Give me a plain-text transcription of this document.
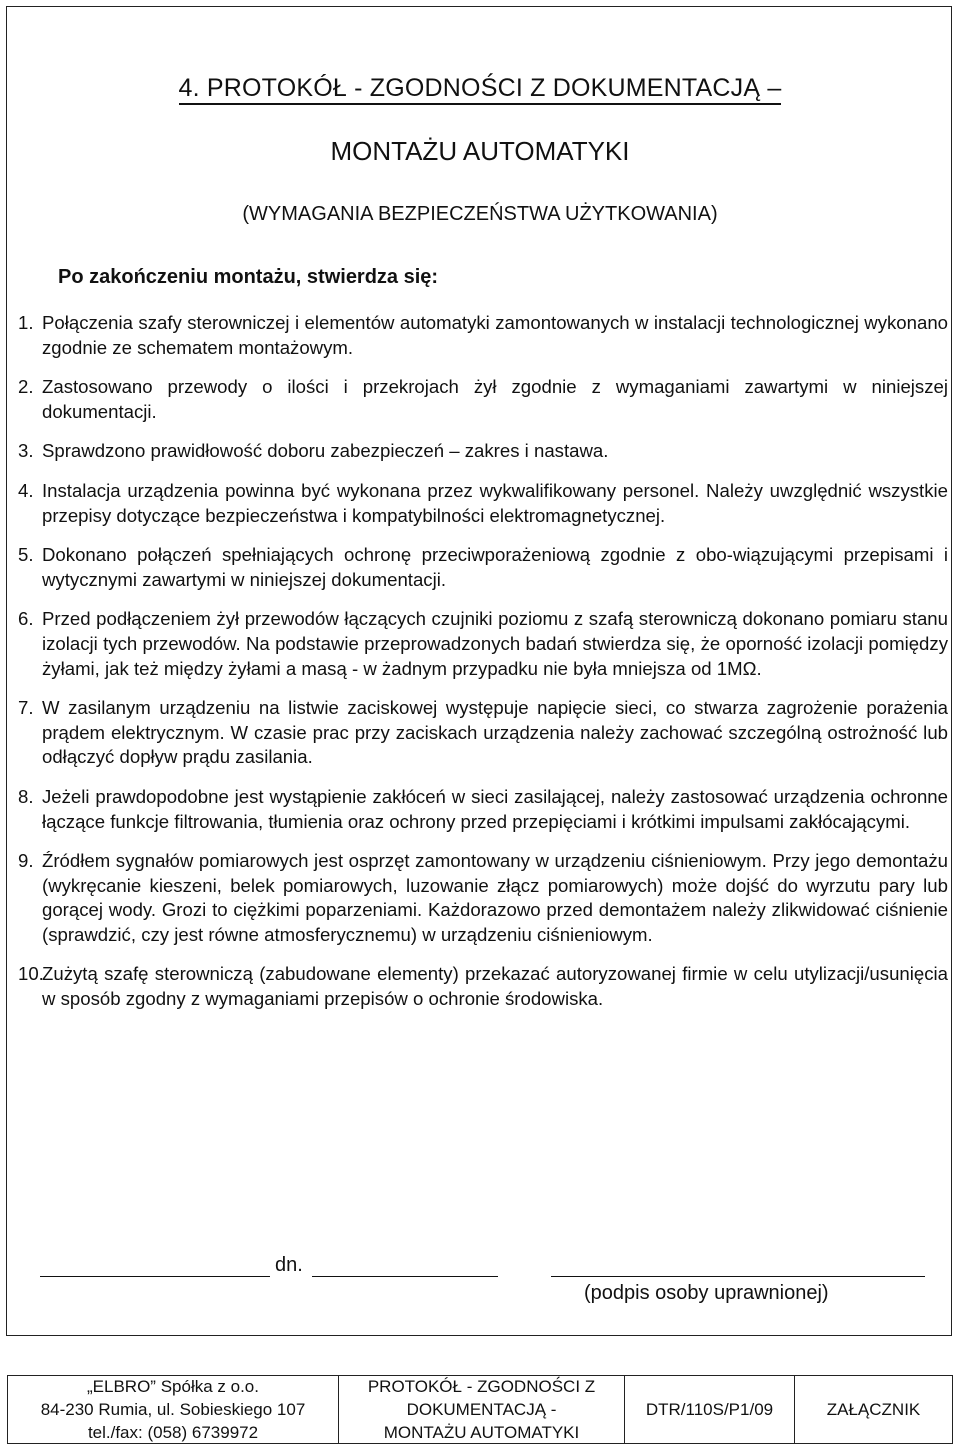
4. PROTOKÓŁ - ZGODNOŚCI Z DOKUMENTACJĄ –
MONTAŻU AUTOMATYKI
(WYMAGANIA BEZPIECZEŃSTWA UŻYTKOWANIA)
Po zakończeniu montażu, stwierdza się:
1. Połączenia szafy sterowniczej i elementów automatyki zamontowanych w instalacji technologicznej wykonano zgodnie ze schematem montażowym.
2. Zastosowano przewody o ilości i przekrojach żył zgodnie z wymaganiami zawartymi w niniejszej dokumentacji.
3. Sprawdzono prawidłowość doboru zabezpieczeń – zakres i nastawa.
4. Instalacja urządzenia powinna być wykonana przez wykwalifikowany personel. Należy uwzględnić wszystkie przepisy dotyczące bezpieczeństwa i kompatybilności elektromagnetycznej.
5. Dokonano połączeń spełniających ochronę przeciwporażeniową zgodnie z obo-wiązującymi przepisami i wytycznymi zawartymi w niniejszej dokumentacji.
6. Przed podłączeniem żył przewodów łączących czujniki poziomu z szafą sterowniczą dokonano pomiaru stanu izolacji tych przewodów. Na podstawie przeprowadzonych badań stwierdza się, że oporność izolacji pomiędzy żyłami, jak też między żyłami a masą - w żadnym przypadku nie była mniejsza od 1MΩ.
7. W zasilanym urządzeniu na listwie zaciskowej występuje napięcie sieci, co stwarza zagrożenie porażenia prądem elektrycznym. W czasie prac przy zaciskach urządzenia należy zachować szczególną ostrożność lub odłączyć dopływ prądu zasilania.
8. Jeżeli prawdopodobne jest wystąpienie zakłóceń w sieci zasilającej, należy zastosować urządzenia ochronne łączące funkcje filtrowania, tłumienia oraz ochrony przed przepięciami i krótkimi impulsami zakłócającymi.
9. Źródłem sygnałów pomiarowych jest osprzęt zamontowany w urządzeniu ciśnieniowym. Przy jego demontażu (wykręcanie kieszeni, belek pomiarowych, luzowanie złącz pomiarowych) może dojść do wyrzutu pary lub gorącej wody. Grozi to ciężkimi poparzeniami. Każdorazowo przed demontażem należy zlikwidować ciśnienie (sprawdzić, czy jest równe atmosferycznemu) w urządzeniu ciśnieniowym.
10.
Zużytą szafę sterowniczą (zabudowane elementy) przekazać autoryzowanej firmie w celu utylizacji/usunięcia w sposób zgodny z wymaganiami przepisów o ochronie środowiska.
dn.
(podpis osoby uprawnionej)
„ELBRO” Spółka z o.o.
84-230 Rumia, ul. Sobieskiego 107
tel./fax: (058) 6739972
PROTOKÓŁ - ZGODNOŚCI Z
DOKUMENTACJĄ -
MONTAŻU AUTOMATYKI
DTR/110S/P1/09	ZAŁĄCZNIK
